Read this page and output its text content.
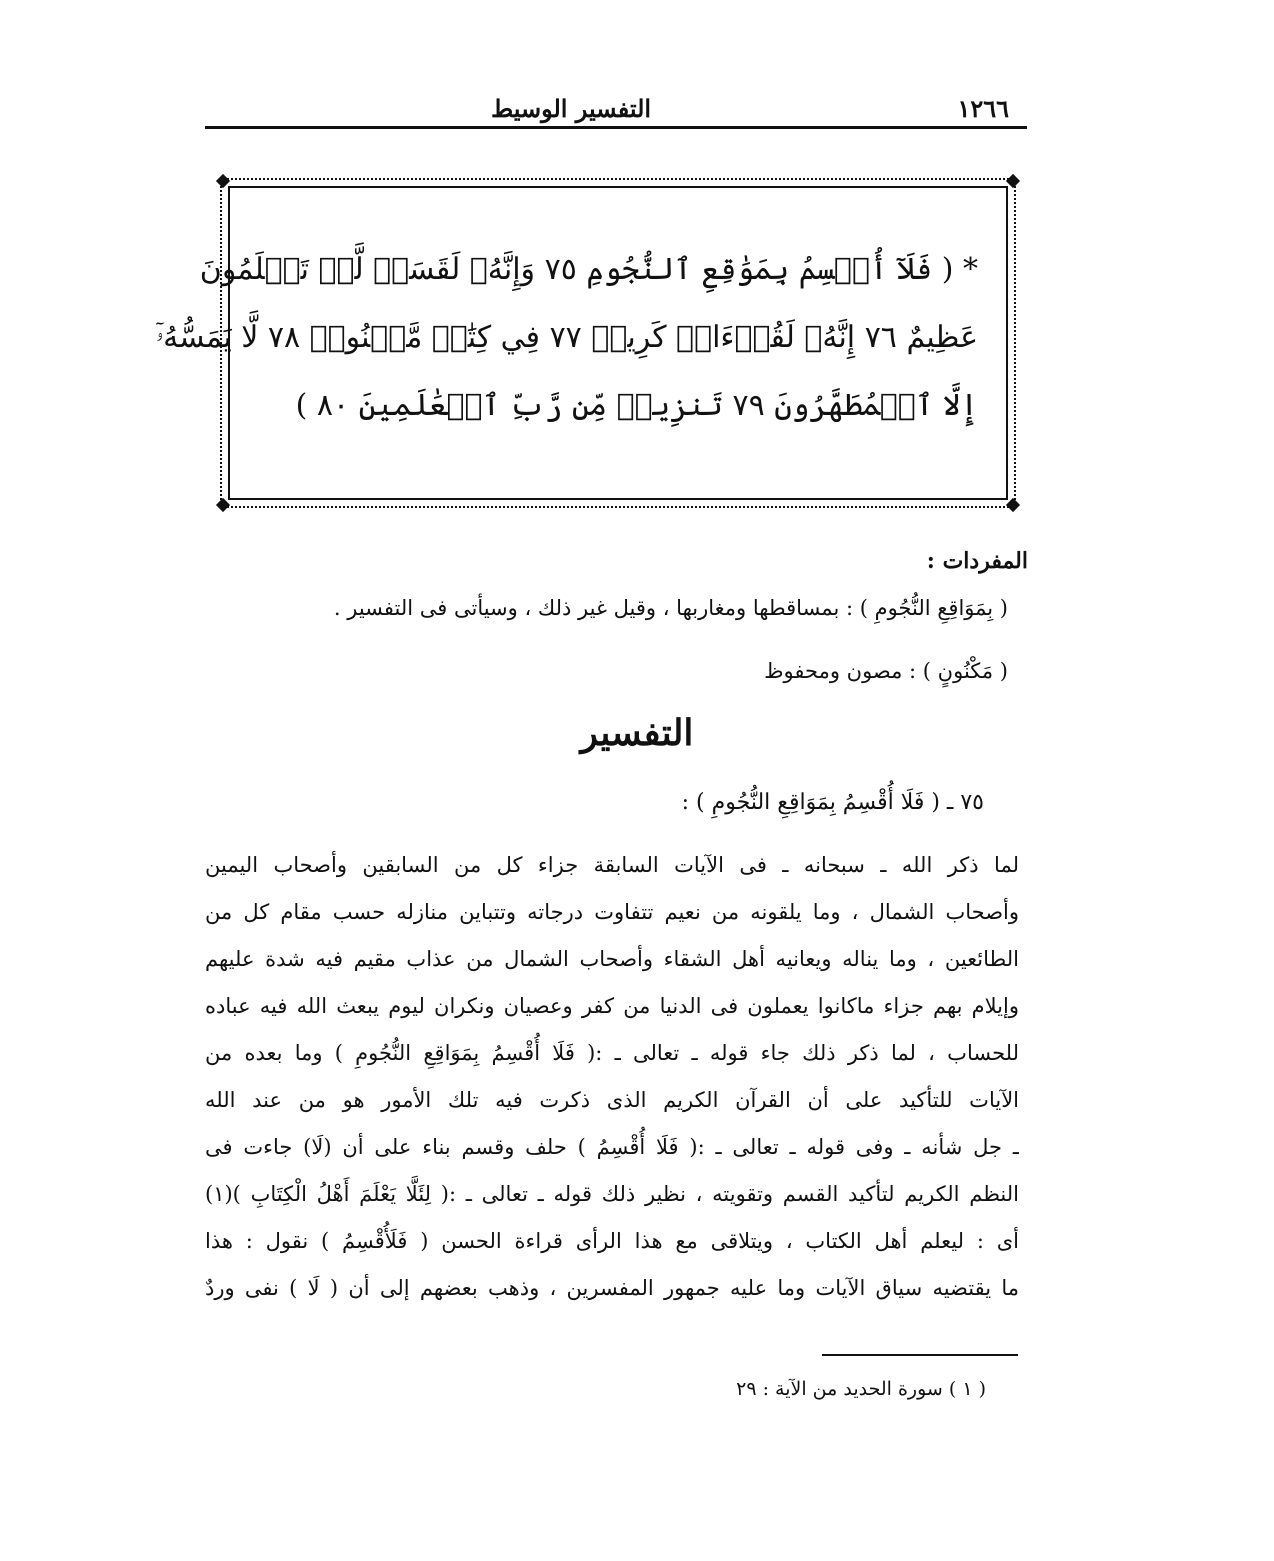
التفسير الوسيط	١٢٦٦
* ( فَلَآ أُقۡسِمُ بِمَوَٰقِعِ ٱلنُّجُومِ ٧٥ وَإِنَّهُۥ لَقَسَمٞ لَّوۡ تَعۡلَمُونَ
عَظِيمٌ ٧٦ إِنَّهُۥ لَقُرۡءَانٞ كَرِيمٞ ٧٧ فِي كِتَٰبٖ مَّكۡنُونٖ ٧٨ لَّا يَمَسُّهُۥٓ
إِلَّا ٱلۡمُطَهَّرُونَ ٧٩ تَنزِيلٞ مِّن رَّبِّ ٱلۡعَٰلَمِينَ ٨٠ )
المفردات :
( بِمَوَاقِعِ النُّجُومِ ) : بمساقطها ومغاربها ، وقيل غير ذلك ، وسيأتى فى التفسير .
( مَكْنُونٍ ) : مصون ومحفوظ
التفسير
٧٥ ـ ( فَلَا أُقْسِمُ بِمَوَاقِعِ النُّجُومِ ) :
لما ذكر الله ـ سبحانه ـ فى الآيات السابقة جزاء كل من السابقين وأصحاب اليمين
وأصحاب الشمال ، وما يلقونه من نعيم تتفاوت درجاته وتتباين منازله حسب مقام كل من
الطائعين ، وما يناله ويعانيه أهل الشقاء وأصحاب الشمال من عذاب مقيم فيه شدة عليهم
وإيلام بهم جزاء ماكانوا يعملون فى الدنيا من كفر وعصيان ونكران ليوم يبعث الله فيه عباده
للحساب ، لما ذكر ذلك جاء قوله ـ تعالى ـ :( فَلَا أُقْسِمُ بِمَوَاقِعِ النُّجُومِ ) وما بعده من
الآيات للتأكيد على أن القرآن الكريم الذى ذكرت فيه تلك الأمور هو من عند الله
ـ جل شأنه ـ وفى قوله ـ تعالى ـ :( فَلَا أُقْسِمُ ) حلف وقسم بناء على أن (لَا) جاءت فى
النظم الكريم لتأكيد القسم وتقويته ، نظير ذلك قوله ـ تعالى ـ :( لِئَلَّا يَعْلَمَ أَهْلُ الْكِتَابِ )(١)
أى : ليعلم أهل الكتاب ، ويتلاقى مع هذا الرأى قراءة الحسن ( فَلَأُقْسِمُ ) نقول : هذا
ما يقتضيه سياق الآيات وما عليه جمهور المفسرين ، وذهب بعضهم إلى أن ( لَا ) نفى وردٌ
( ١ ) سورة الحديد من الآية : ٢٩
